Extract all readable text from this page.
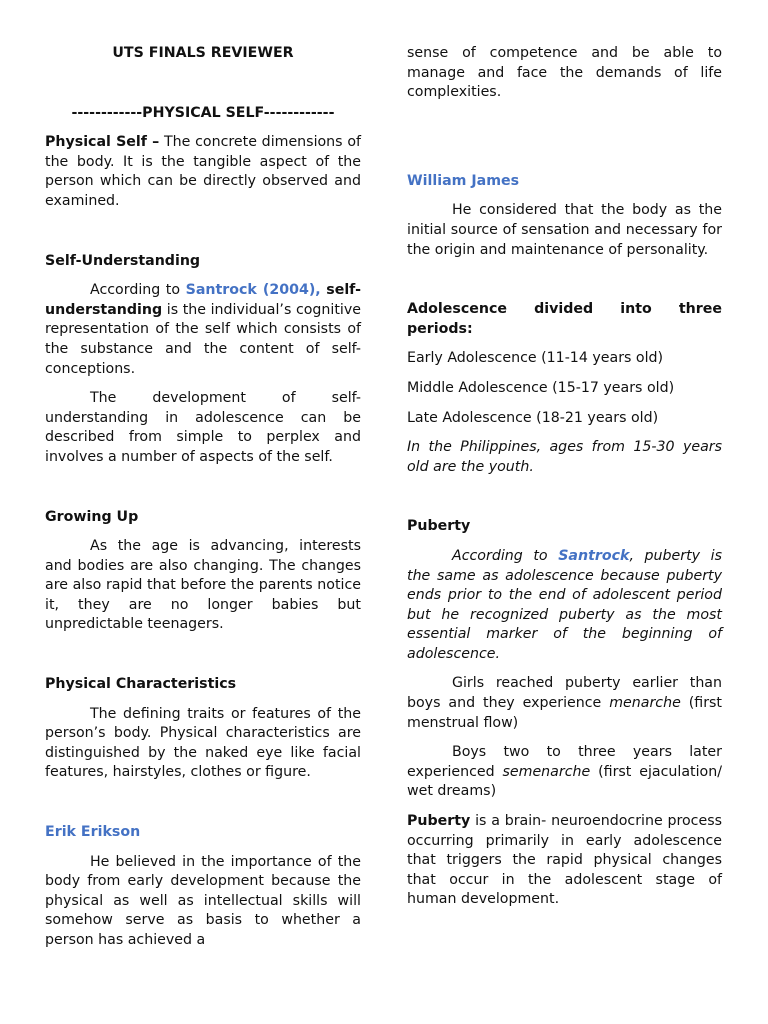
UTS FINALS REVIEWER

------------PHYSICAL SELF------------

Physical Self – The concrete dimensions of the body. It is the tangible aspect of the person which can be directly observed and examined.

Self-Understanding

According to Santrock (2004), self-understanding is the individual’s cognitive representation of the self which consists of the substance and the content of self- conceptions.

The development of self-understanding in adolescence can be described from simple to perplex and involves a number of aspects of the self.

Growing Up

As the age is advancing, interests and bodies are also changing. The changes are also rapid that before the parents notice it, they are no longer babies but unpredictable teenagers.

Physical Characteristics

The defining traits or features of the person’s body. Physical characteristics are distinguished by the naked eye like facial features, hairstyles, clothes or figure.

Erik Erikson

He believed in the importance of the body from early development because the physical as well as intellectual skills will somehow serve as basis to whether a person has achieved a

sense of competence and be able to manage and face the demands of life complexities.

William James

He considered that the body as the initial source of sensation and necessary for the origin and maintenance of personality.

Adolescence divided into three periods:

Early Adolescence (11-14 years old)

Middle Adolescence (15-17 years old)

Late Adolescence (18-21 years old)

In the Philippines, ages from 15-30 years old are the youth.

Puberty

According to Santrock, puberty is the same as adolescence because puberty ends prior to the end of adolescent period but he recognized puberty as the most essential marker of the beginning of adolescence.

Girls reached puberty earlier than boys and they experience menarche (first menstrual flow)

Boys two to three years later experienced semenarche (first ejaculation/ wet dreams)

Puberty is a brain- neuroendocrine process occurring primarily in early adolescence that triggers the rapid physical changes that occur in the adolescent stage of human development.
